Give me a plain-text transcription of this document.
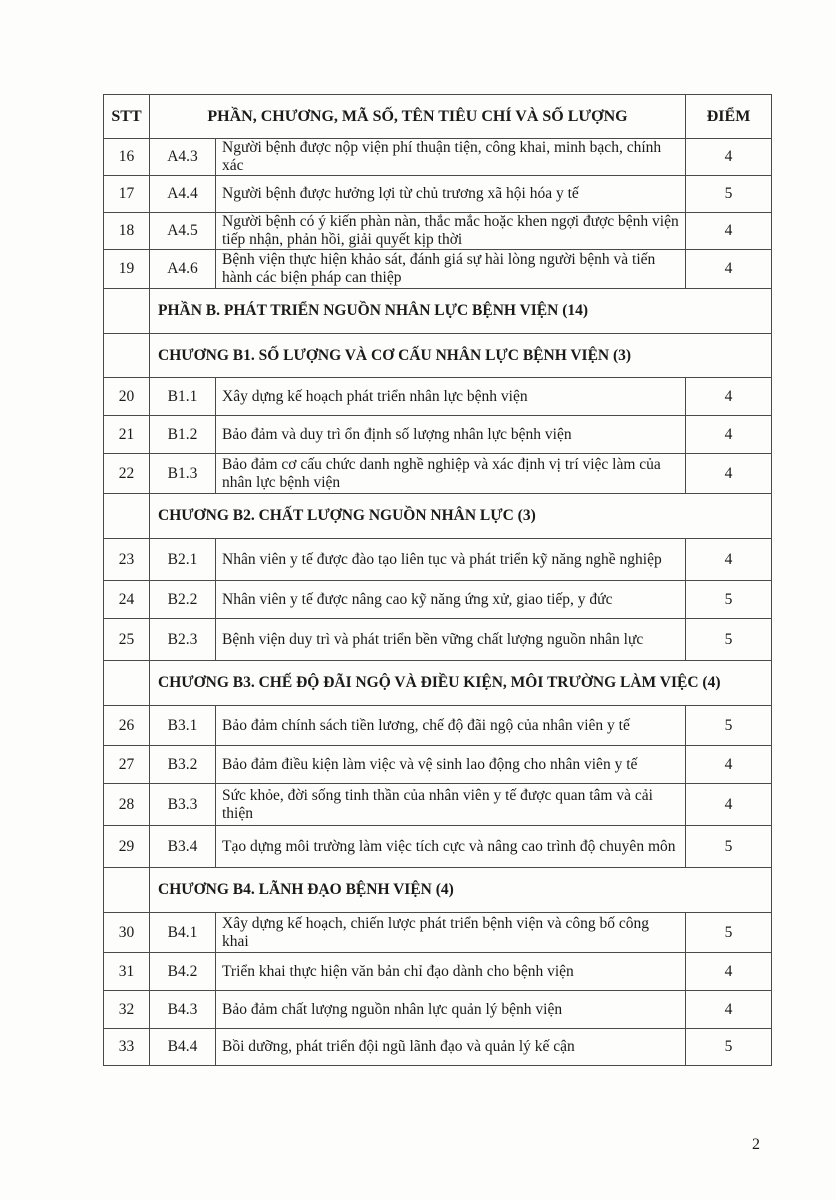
STT	PHẦN, CHƯƠNG, MÃ SỐ, TÊN TIÊU CHÍ VÀ SỐ LƯỢNG		ĐIỂM
16	A4.3	Người bệnh được nộp viện phí thuận tiện, công khai, minh bạch, chính xác	4
17	A4.4	Người bệnh được hưởng lợi từ chủ trương xã hội hóa y tế	5
18	A4.5	Người bệnh có ý kiến phàn nàn, thắc mắc hoặc khen ngợi được bệnh viện tiếp nhận, phản hồi, giải quyết kịp thời	4
19	A4.6	Bệnh viện thực hiện khảo sát, đánh giá sự hài lòng người bệnh và tiến hành các biện pháp can thiệp	4
	PHẦN B. PHÁT TRIỂN NGUỒN NHÂN LỰC BỆNH VIỆN (14)		
	CHƯƠNG B1. SỐ LƯỢNG VÀ CƠ CẤU NHÂN LỰC BỆNH VIỆN (3)		
20	B1.1	Xây dựng kế hoạch phát triển nhân lực bệnh viện	4
21	B1.2	Bảo đảm và duy trì ổn định số lượng nhân lực bệnh viện	4
22	B1.3	Bảo đảm cơ cấu chức danh nghề nghiệp và xác định vị trí việc làm của nhân lực bệnh viện	4
	CHƯƠNG B2. CHẤT LƯỢNG NGUỒN NHÂN LỰC (3)		
23	B2.1	Nhân viên y tế được đào tạo liên tục và phát triển kỹ năng nghề nghiệp	4
24	B2.2	Nhân viên y tế được nâng cao kỹ năng ứng xử, giao tiếp, y đức	5
25	B2.3	Bệnh viện duy trì và phát triển bền vững chất lượng nguồn nhân lực	5
	CHƯƠNG B3. CHẾ ĐỘ ĐÃI NGỘ VÀ ĐIỀU KIỆN, MÔI TRƯỜNG LÀM VIỆC (4)		
26	B3.1	Bảo đảm chính sách tiền lương, chế độ đãi ngộ của nhân viên y tế	5
27	B3.2	Bảo đảm điều kiện làm việc và vệ sinh lao động cho nhân viên y tế	4
28	B3.3	Sức khỏe, đời sống tinh thần của nhân viên y tế được quan tâm và cải thiện	4
29	B3.4	Tạo dựng môi trường làm việc tích cực và nâng cao trình độ chuyên môn	5
	CHƯƠNG B4. LÃNH ĐẠO BỆNH VIỆN (4)		
30	B4.1	Xây dựng kế hoạch, chiến lược phát triển bệnh viện và công bố công khai	5
31	B4.2	Triển khai thực hiện văn bản chỉ đạo dành cho bệnh viện	4
32	B4.3	Bảo đảm chất lượng nguồn nhân lực quản lý bệnh viện	4
33	B4.4	Bồi dưỡng, phát triển đội ngũ lãnh đạo và quản lý kế cận	5
2
